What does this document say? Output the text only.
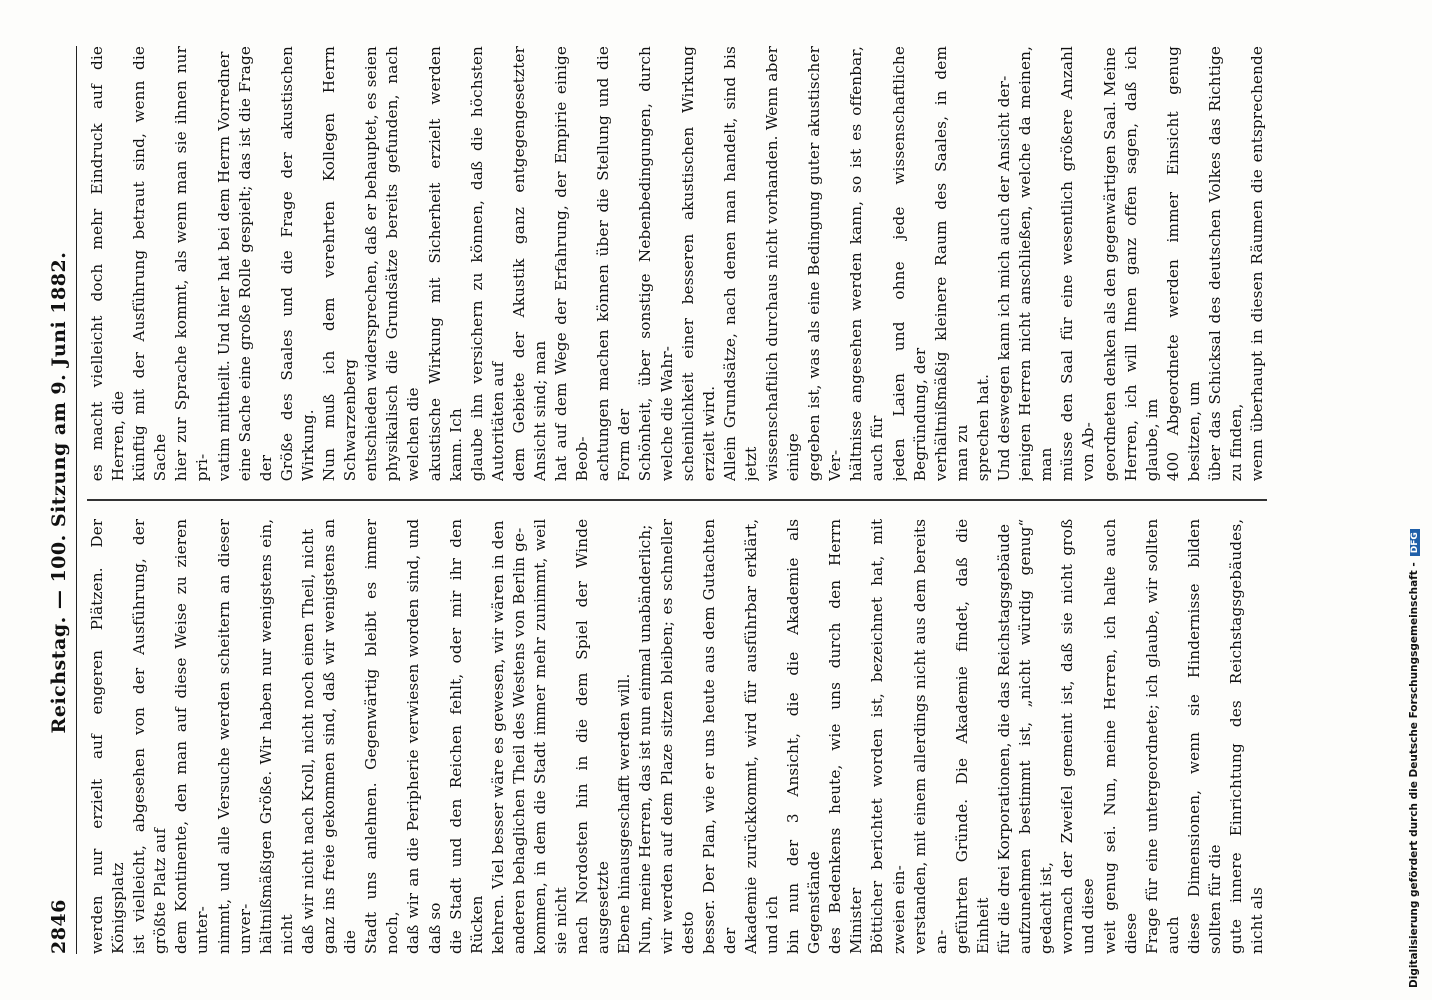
2846
Reichstag. — 100. Sitzung am 9. Juni 1882.

werden nur erzielt auf engeren Plätzen. Der Königsplatz ist vielleicht, abgesehen von der Ausführung, der größte Platz auf dem Kontinente, den man auf diese Weise zu zieren unter- nimmt, und alle Versuche werden scheitern an dieser unver- hältnißmäßigen Größe. Wir haben nur wenigstens ein, nicht daß wir nicht nach Kroll, nicht noch einen Theil, nicht ganz ins freie gekommen sind, daß wir wenigstens an die Stadt uns anlehnen. Gegenwärtig bleibt es immer noch, daß wir an die Peripherie verwiesen worden sind, und daß so die Stadt und den Reichen fehlt, oder mir ihr den Rücken kehren. Viel besser wäre es gewesen, wir wären in den anderen behaglichen Theil des Westens von Berlin ge- kommen, in dem die Stadt immer mehr zunimmt, weil sie nicht nach Nordosten hin in die dem Spiel der Winde ausgesetzte Ebene hinausgeschafft werden will. Nun, meine Herren, das ist nun einmal unabänderlich; wir werden auf dem Plaze sitzen bleiben; es schneller desto besser. Der Plan, wie er uns heute aus dem Gutachten der Akademie zurückkommt, wird für ausführbar erklärt, und ich bin nun der 3 Ansicht, die die Akademie als Gegenstände des Bedenkens heute, wie uns durch den Herrn Minister Bötticher berichtet worden ist, bezeichnet hat, mit zweien ein- verstanden, mit einem allerdings nicht aus dem bereits an- geführten Gründe. Die Akademie findet, daß die Einheit für die drei Korporationen, die das Reichstagsgebäude aufzunehmen bestimmt ist, „nicht würdig genug“ gedacht ist, wornach der Zweifel gemeint ist, daß sie nicht groß und diese weit genug sei. Nun, meine Herren, ich halte auch diese Frage für eine untergeordnete; ich glaube, wir sollten auch diese Dimensionen, wenn sie Hindernisse bilden sollten für die gute innere Einrichtung des Reichstagsgebäudes, nicht als

es macht vielleicht doch mehr Eindruck auf die Herren, die künftig mit der Ausführung betraut sind, wenn die Sache hier zur Sprache kommt, als wenn man sie ihnen nur pri- vatim mittheilt. Und hier hat bei dem Herrn Vorredner eine Sache eine große Rolle gespielt; das ist die Frage der Größe des Saales und die Frage der akustischen Wirkung. Nun muß ich dem verehrten Kollegen Herrn Schwarzenberg entschieden widersprechen, daß er behauptet, es seien physikalisch die Grundsätze bereits gefunden, nach welchen die akustische Wirkung mit Sicherheit erzielt werden kann. Ich glaube ihn versichern zu können, daß die höchsten Autoritäten auf dem Gebiete der Akustik ganz entgegengesetzter Ansicht sind; man hat auf dem Wege der Erfahrung, der Empirie einige Beob- achtungen machen können über die Stellung und die Form der Schönheit, über sonstige Nebenbedingungen, durch welche die Wahr- scheinlichkeit einer besseren akustischen Wirkung erzielt wird. Allein Grundsätze, nach denen man handelt, sind bis jetzt wissenschaftlich durchaus nicht vorhanden. Wenn aber einige gegeben ist, was als eine Bedingung guter akustischer Ver- hältnisse angesehen werden kann, so ist es offenbar, auch für jeden Laien und ohne jede wissenschaftliche Begründung, der verhältnißmäßig kleinere Raum des Saales, in dem man zu sprechen hat. Und deswegen kann ich mich auch der Ansicht der- jenigen Herren nicht anschließen, welche da meinen, man müsse den Saal für eine wesentlich größere Anzahl von Ab- geordneten denken als den gegenwärtigen Saal. Meine Herren, ich will Ihnen ganz offen sagen, daß ich glaube, im 400 Abgeordnete werden immer Einsicht genug besitzen, um über das Schicksal des deutschen Volkes das Richtige zu finden, wenn überhaupt in diesen Räumen die entsprechende

Digitalisierung gefördert durch die Deutsche Forschungsgemeinschaft -DFG
